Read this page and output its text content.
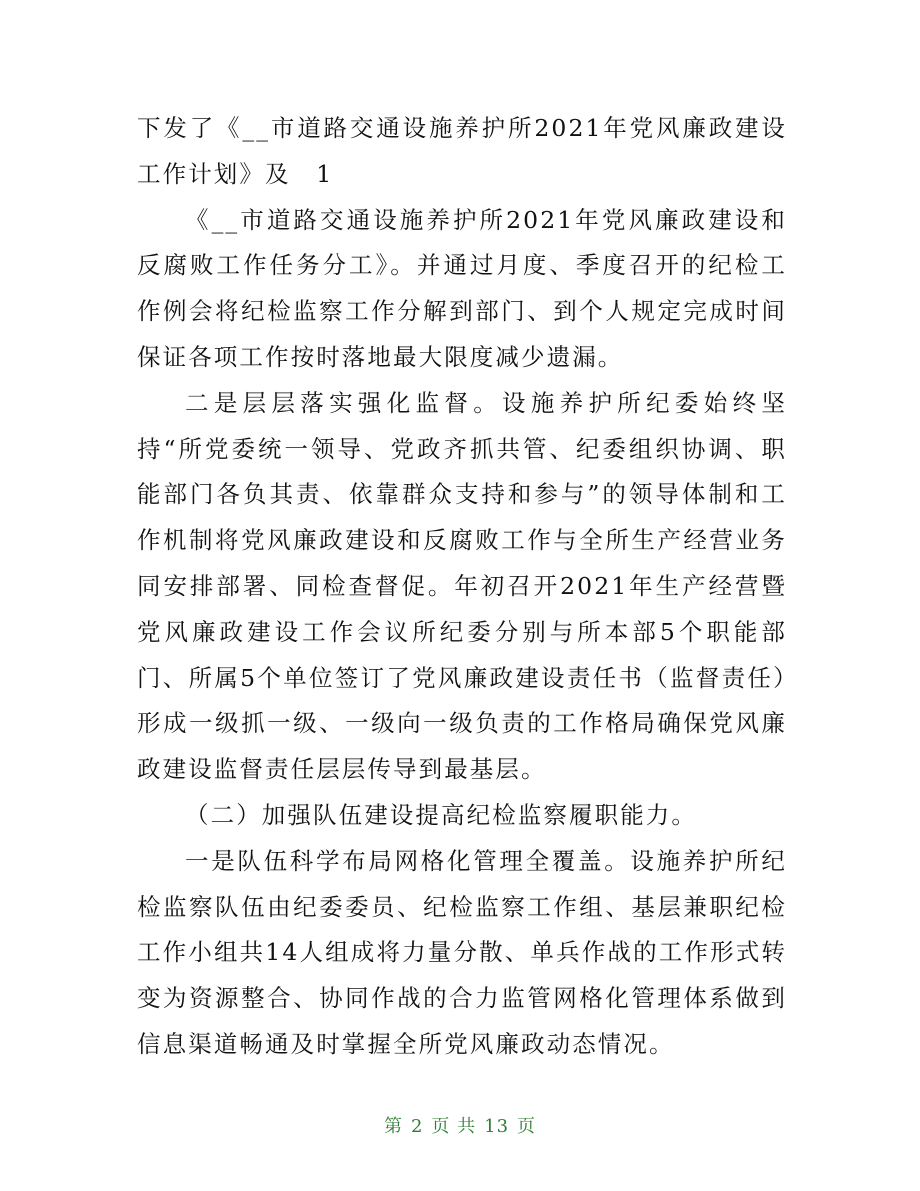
下发了《__市道路交通设施养护所2021年党风廉政建设工作计划》及　1

《__市道路交通设施养护所2021年党风廉政建设和反腐败工作任务分工》。并通过月度、季度召开的纪检工作例会将纪检监察工作分解到部门、到个人规定完成时间保证各项工作按时落地最大限度减少遗漏。

二是层层落实强化监督。设施养护所纪委始终坚持“所党委统一领导、党政齐抓共管、纪委组织协调、职能部门各负其责、依靠群众支持和参与”的领导体制和工作机制将党风廉政建设和反腐败工作与全所生产经营业务同安排部署、同检查督促。年初召开2021年生产经营暨党风廉政建设工作会议所纪委分别与所本部5个职能部门、所属5个单位签订了党风廉政建设责任书（监督责任）形成一级抓一级、一级向一级负责的工作格局确保党风廉政建设监督责任层层传导到最基层。

（二）加强队伍建设提高纪检监察履职能力。

一是队伍科学布局网格化管理全覆盖。设施养护所纪检监察队伍由纪委委员、纪检监察工作组、基层兼职纪检工作小组共14人组成将力量分散、单兵作战的工作形式转变为资源整合、协同作战的合力监管网格化管理体系做到信息渠道畅通及时掌握全所党风廉政动态情况。

第 2 页 共 13 页
